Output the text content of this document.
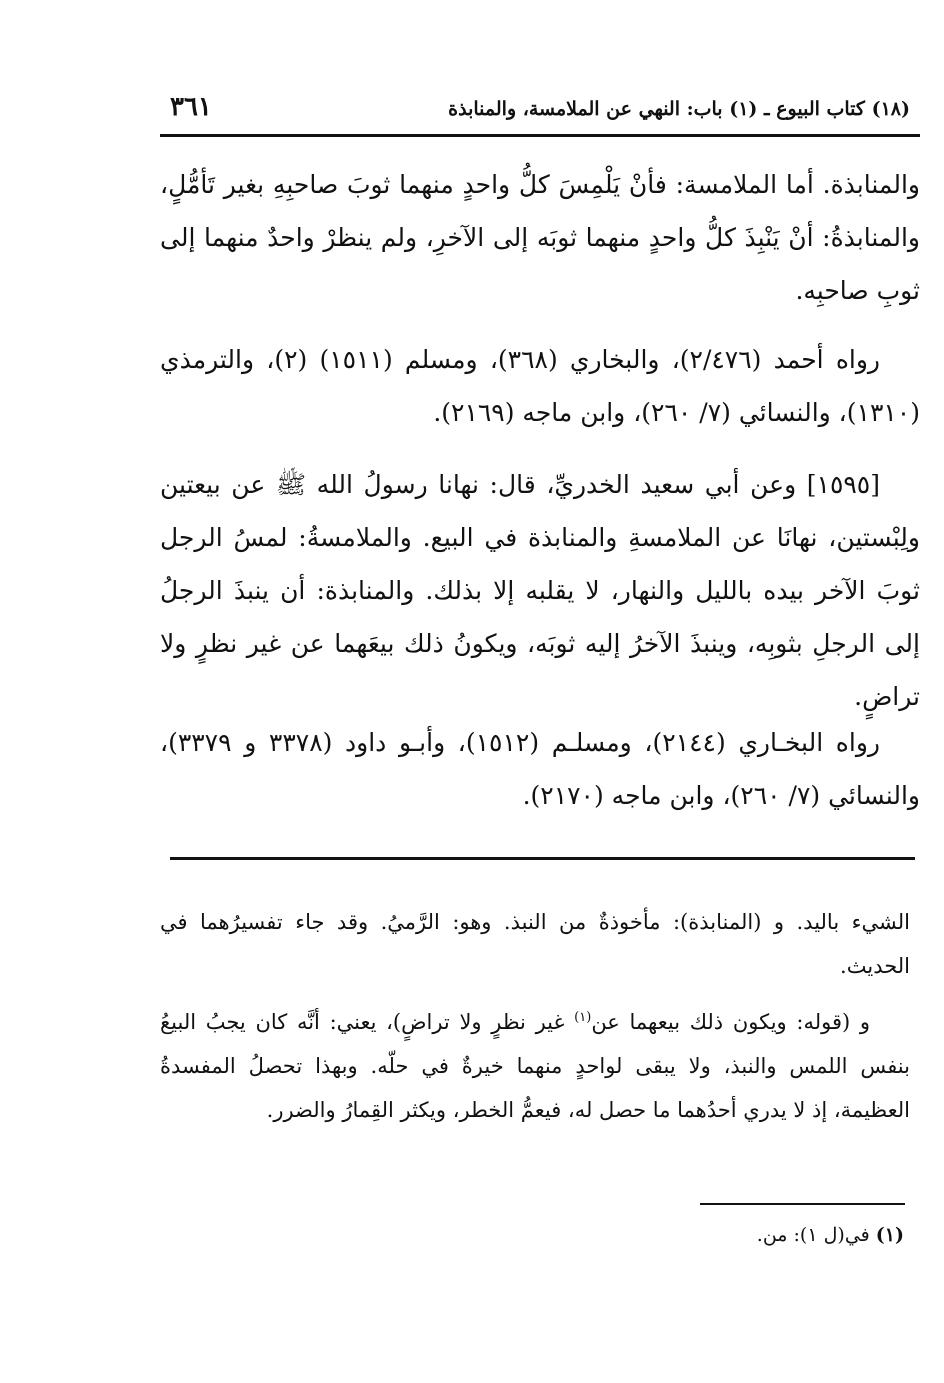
(١٨) كتاب البيوع ـ (١) باب: النهي عن الملامسة، والمنابذة
٣٦١

والمنابذة. أما الملامسة: فأنْ يَلْمِسَ كلُّ واحدٍ منهما ثوبَ صاحبِهِ بغير تَأمُّلٍ، والمنابذةُ: أنْ يَنْبِذَ كلُّ واحدٍ منهما ثوبَه إلى الآخرِ، ولم ينظرْ واحدٌ منهما إلى ثوبِ صاحبِه.

رواه أحمد (٢/٤٧٦)، والبخاري (٣٦٨)، ومسلم (١٥١١) (٢)، والترمذي (١٣١٠)، والنسائي (٧/ ٢٦٠)، وابن ماجه (٢١٦٩).

[١٥٩٥] وعن أبي سعيد الخدريِّ، قال: نهانا رسولُ الله ﷺ عن بيعتين ولِبْستين، نهانَا عن الملامسةِ والمنابذة في البيع. والملامسةُ: لمسُ الرجل ثوبَ الآخر بيده بالليل والنهار، لا يقلبه إلا بذلك. والمنابذة: أن ينبذَ الرجلُ إلى الرجلِ بثوبِه، وينبذَ الآخرُ إليه ثوبَه، ويكونُ ذلك بيعَهما عن غير نظرٍ ولا تراضٍ.

رواه البخـاري (٢١٤٤)، ومسلـم (١٥١٢)، وأبـو داود (٣٣٧٨ و ٣٣٧٩)، والنسائي (٧/ ٢٦٠)، وابن ماجه (٢١٧٠).

الشيء باليد. و (المنابذة): مأخوذةٌ من النبذ. وهو: الرَّميُ. وقد جاء تفسيرُهما في الحديث.

و (قوله: ويكون ذلك بيعهما عن$^{(١)}$ غير نظرٍ ولا تراضٍ)، يعني: أنَّه كان يجبُ البيعُ بنفس اللمس والنبذ، ولا يبقى لواحدٍ منهما خيرةٌ في حلّه. وبهذا تحصلُ المفسدةُ العظيمة، إذ لا يدري أحدُهما ما حصل له، فيعمُّ الخطر، ويكثر القِمارُ والضرر.

(١) في(ل ١): من.
